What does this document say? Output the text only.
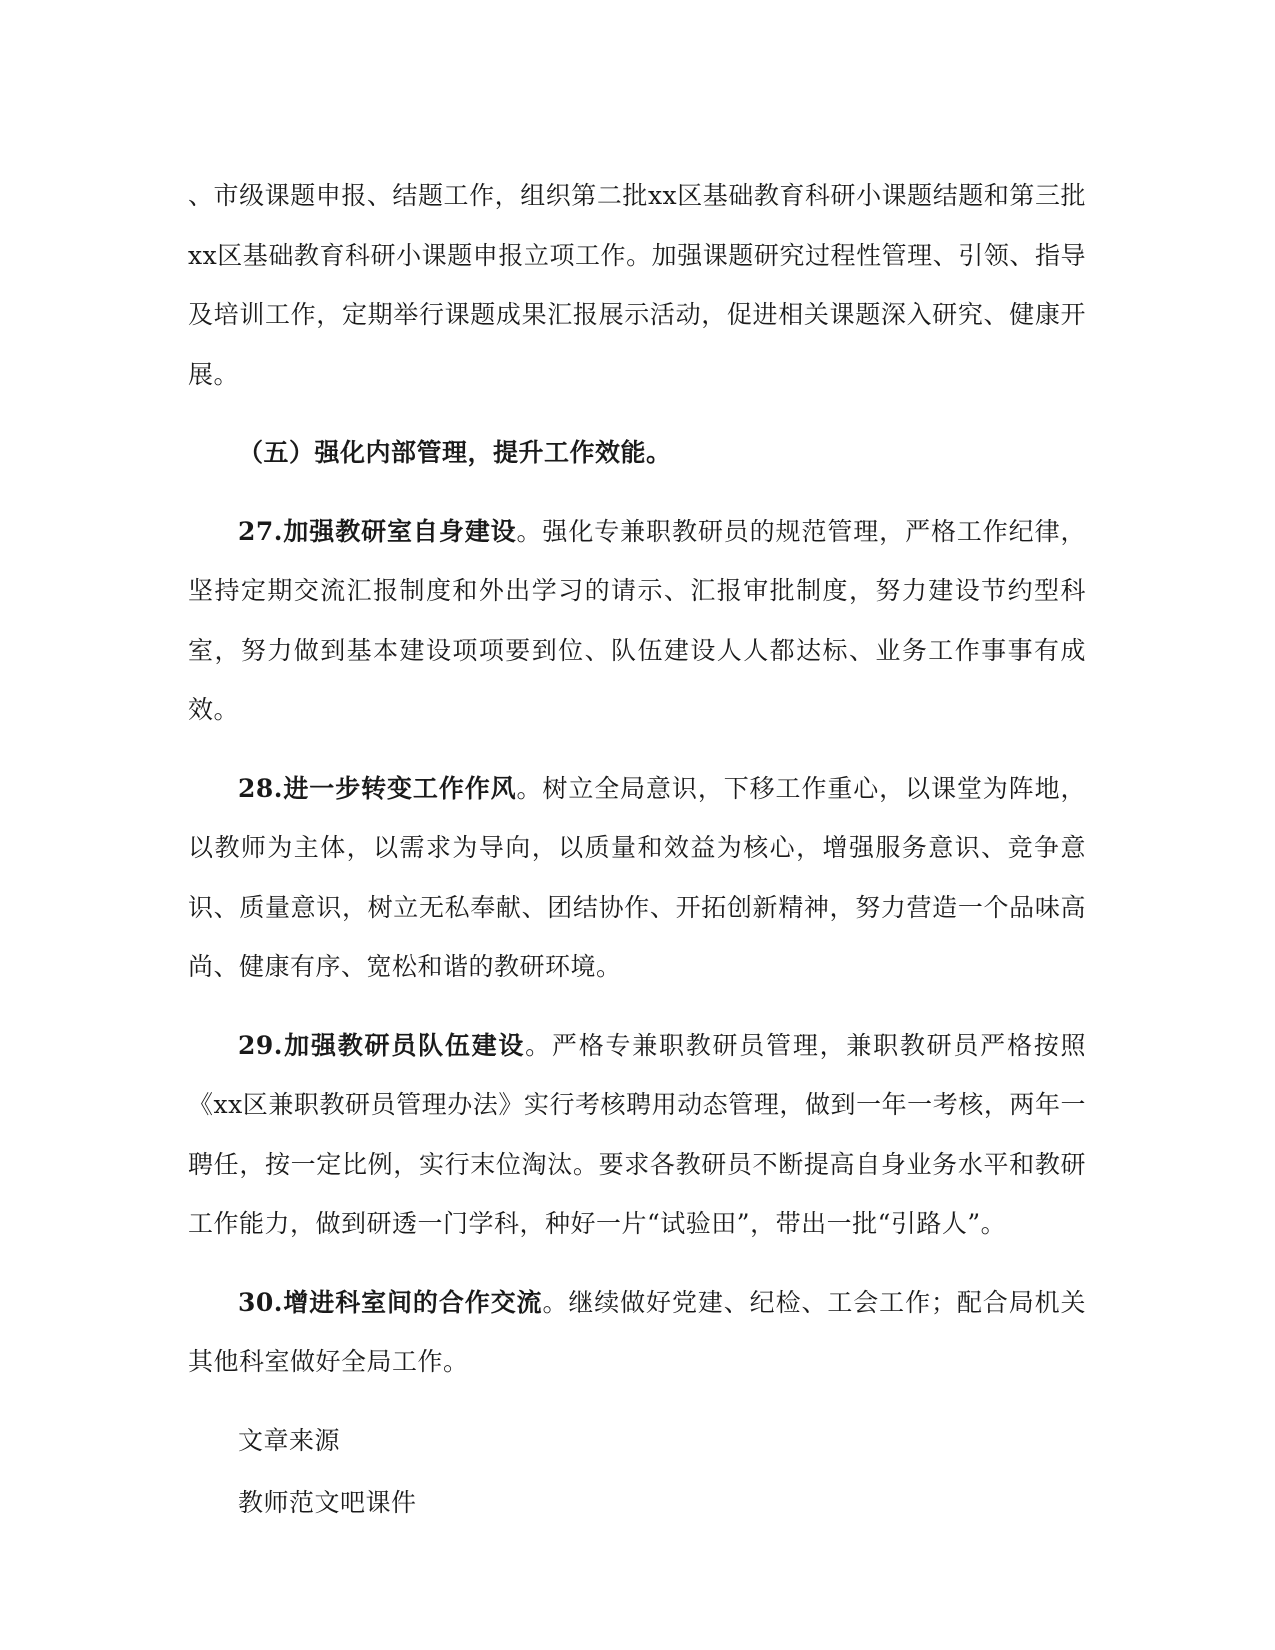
、市级课题申报、结题工作，组织第二批xx区基础教育科研小课题结题和第三批xx区基础教育科研小课题申报立项工作。加强课题研究过程性管理、引领、指导及培训工作，定期举行课题成果汇报展示活动，促进相关课题深入研究、健康开展。

（五）强化内部管理，提升工作效能。

27.加强教研室自身建设。强化专兼职教研员的规范管理，严格工作纪律，坚持定期交流汇报制度和外出学习的请示、汇报审批制度，努力建设节约型科室，努力做到基本建设项项要到位、队伍建设人人都达标、业务工作事事有成效。

28.进一步转变工作作风。树立全局意识，下移工作重心，以课堂为阵地，以教师为主体，以需求为导向，以质量和效益为核心，增强服务意识、竞争意识、质量意识，树立无私奉献、团结协作、开拓创新精神，努力营造一个品味高尚、健康有序、宽松和谐的教研环境。

29.加强教研员队伍建设。严格专兼职教研员管理，兼职教研员严格按照《xx区兼职教研员管理办法》实行考核聘用动态管理，做到一年一考核，两年一聘任，按一定比例，实行末位淘汰。要求各教研员不断提高自身业务水平和教研工作能力，做到研透一门学科，种好一片“试验田”，带出一批“引路人”。

30.增进科室间的合作交流。继续做好党建、纪检、工会工作；配合局机关其他科室做好全局工作。

文章来源

教师范文吧课件
